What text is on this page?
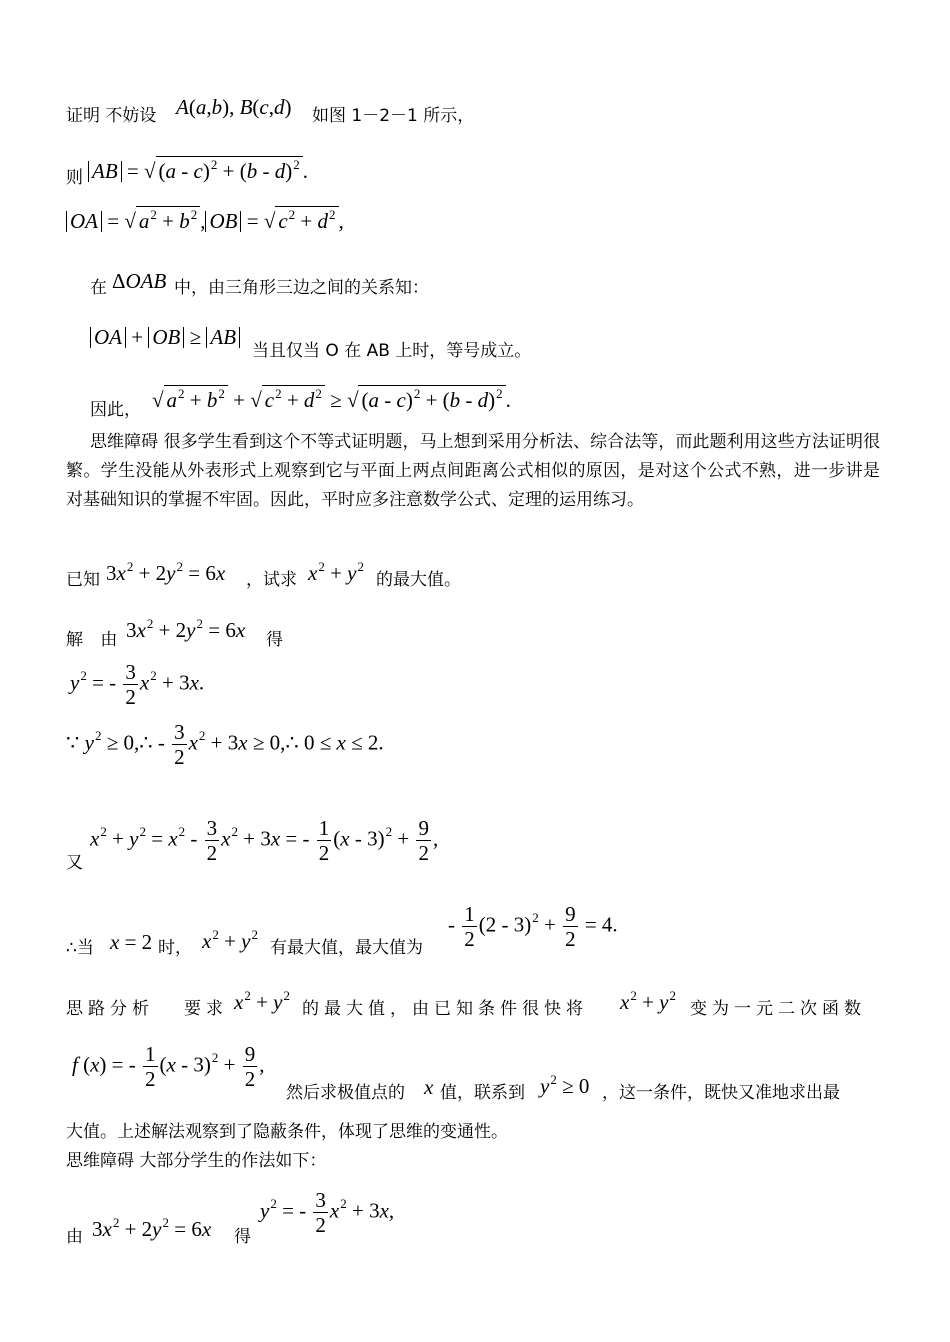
证明 不妨设 A(a,b), B(c,d) 如图 1－2－1 所示，
则 AB = √ (a - c)$^2$ + (b - d)$^2$ .
OA = √ $a^2 + b^2$ , OB = √ $c^2 + d^2$ ,
在 ΔOAB 中，由三角形三边之间的关系知：
OA + OB ≥ AB
当且仅当 O 在 AB 上时，等号成立。
因此， √ $a^2 + b^2$ + √ $c^2 + d^2$ ≥ √ (a - c)$^2$ + (b - d)$^2$ .
思维障碍 很多学生看到这个不等式证明题，马上想到采用分析法、综合法等，而此题利用这些方法证明很繁。学生没能从外表形式上观察到它与平面上两点间距离公式相似的原因，是对这个公式不熟，进一步讲是对基础知识的掌握不牢固。因此，平时应多注意数学公式、定理的运用练习。
已知 $3x^2 + 2y^2 = 6x$ ，试求 $x^2 + y^2$
的最大值。
解 由 $3x^2 + 2y^2 = 6x$ 得
$y^2$ = - $\frac{3}{2} x^2 + 3x$.
∵ $y^2$ ≥ 0,∴ - $\frac{3}{2} x^2 + 3x$ ≥ 0,∴ 0 ≤ x ≤ 2.
又
$x^2 + y^2 = x^2 - \frac{3}{2} x^2 + 3x$ = - $\frac{1}{2} (x - 3)^2 + \frac{9}{2}$ ,
∴当 x = 2 时， $x^2 + y^2$
有最大值，最大值为
- $\frac{1}{2} (2 - 3)^2 + \frac{9}{2} = 4$.
思路分析 要求 $x^2 + y^2$
的最大值，由已知条件很快将 $x^2 + y^2$
变为一元二次函数
f (x) = - $\frac{1}{2} (x - 3)^2 + \frac{9}{2}$ ,
然后求极值点的 x 值，联系到 $y^2 \ge 0$ ，这一条件，既快又准地求出最
大值。上述解法观察到了隐蔽条件，体现了思维的变通性。
思维障碍 大部分学生的作法如下：
由 $3x^2 + 2y^2 = 6x$ 得
$y^2$ = - $\frac{3}{2} x^2 + 3x$,
